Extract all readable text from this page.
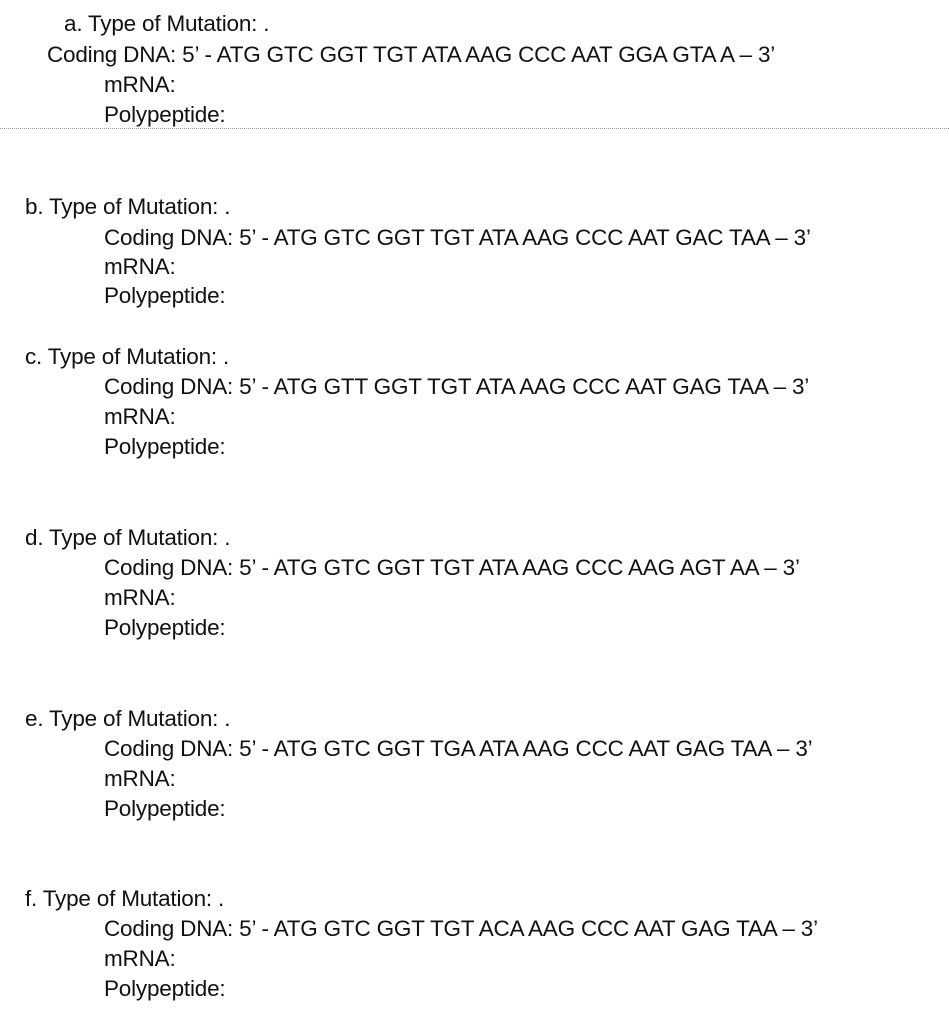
a. Type of Mutation: .
Coding DNA: 5’ - ATG GTC GGT TGT ATA AAG CCC AAT GGA GTA A – 3’
mRNA:
Polypeptide:
b. Type of Mutation: .
Coding DNA: 5’ - ATG GTC GGT TGT ATA AAG CCC AAT GAC TAA – 3’
mRNA:
Polypeptide:
c. Type of Mutation: .
Coding DNA: 5’ - ATG GTT GGT TGT ATA AAG CCC AAT GAG TAA – 3’
mRNA:
Polypeptide:
d. Type of Mutation: .
Coding DNA: 5’ - ATG GTC GGT TGT ATA AAG CCC AAG AGT AA – 3’
mRNA:
Polypeptide:
e. Type of Mutation: .
Coding DNA: 5’ - ATG GTC GGT TGA ATA AAG CCC AAT GAG TAA – 3’
mRNA:
Polypeptide:
f. Type of Mutation: .
Coding DNA: 5’ - ATG GTC GGT TGT ACA AAG CCC AAT GAG TAA – 3’
mRNA:
Polypeptide:
